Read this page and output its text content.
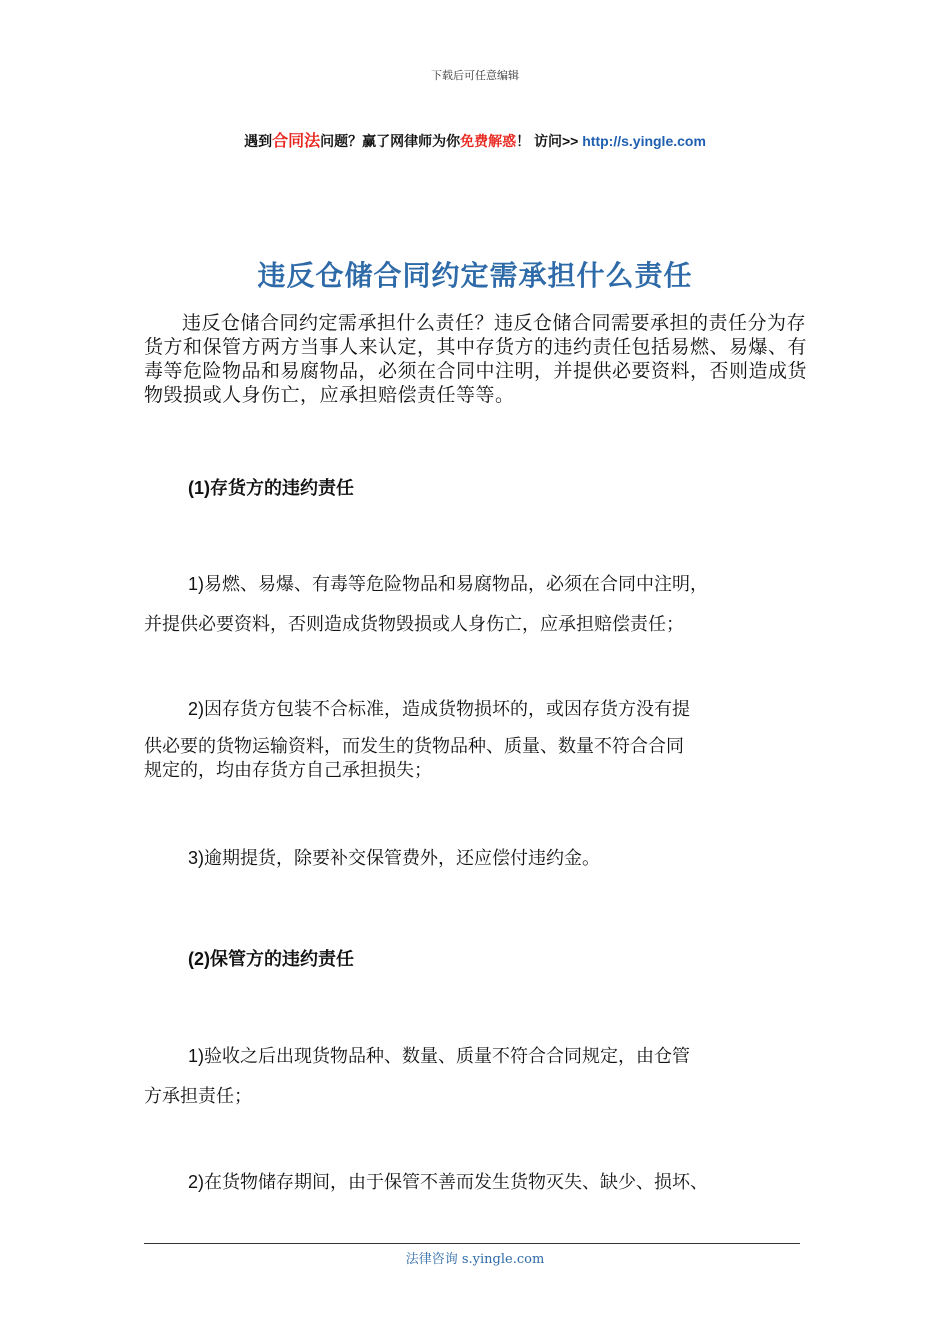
下载后可任意编辑
遇到合同法问题？赢了网律师为你免费解惑！ 访问>> http://s.yingle.com
违反仓储合同约定需承担什么责任
违反仓储合同约定需承担什么责任？违反仓储合同需要承担的责任分为存货方和保管方两方当事人来认定，其中存货方的违约责任包括易燃、易爆、有毒等危险物品和易腐物品，必须在合同中注明，并提供必要资料，否则造成货物毁损或人身伤亡，应承担赔偿责任等等。
(1)存货方的违约责任
1)易燃、易爆、有毒等危险物品和易腐物品，必须在合同中注明，
并提供必要资料，否则造成货物毁损或人身伤亡，应承担赔偿责任；
2)因存货方包装不合标准，造成货物损坏的，或因存货方没有提
供必要的货物运输资料，而发生的货物品种、质量、数量不符合合同
规定的，均由存货方自己承担损失；
3)逾期提货，除要补交保管费外，还应偿付违约金。
(2)保管方的违约责任
1)验收之后出现货物品种、数量、质量不符合合同规定，由仓管
方承担责任；
2)在货物储存期间，由于保管不善而发生货物灭失、缺少、损坏、
法律咨询 s.yingle.com
